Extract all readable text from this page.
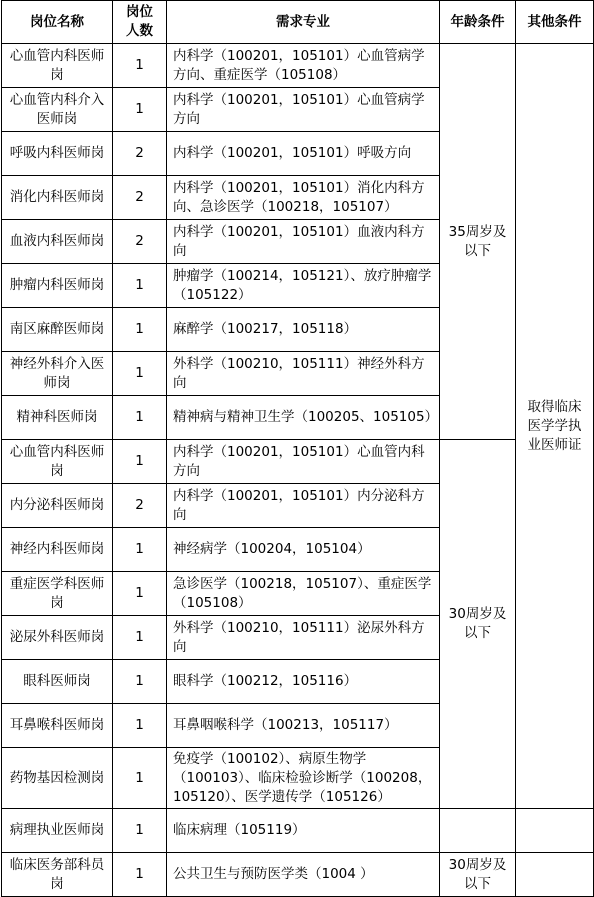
岗位名称	岗位人数	需求专业	年龄条件	其他条件
心血管内科医师岗	1	内科学（100201，105101）心血管病学方向、重症医学（105108）	35周岁及以下	取得临床医学学执业医师证
心血管内科介入医师岗	1	内科学（100201，105101）心血管病学方向		
呼吸内科医师岗	2	内科学（100201，105101）呼吸方向		
消化内科医师岗	2	内科学（100201，105101）消化内科方向、急诊医学（100218，105107）		
血液内科医师岗	2	内科学（100201，105101）血液内科方向		
肿瘤内科医师岗	1	肿瘤学（100214，105121）、放疗肿瘤学（105122）		
南区麻醉医师岗	1	麻醉学（100217，105118）		
神经外科介入医师岗	1	外科学（100210，105111）神经外科方向		
精神科医师岗	1	精神病与精神卫生学（100205、105105）		
心血管内科医师岗	1	内科学（100201，105101）心血管内科方向	30周岁及以下	
内分泌科医师岗	2	内科学（100201，105101）内分泌科方向		
神经内科医师岗	1	神经病学（100204，105104）		
重症医学科医师岗	1	急诊医学（100218，105107）、重症医学（105108）		
泌尿外科医师岗	1	外科学（100210，105111）泌尿外科方向		
眼科医师岗	1	眼科学（100212，105116）		
耳鼻喉科医师岗	1	耳鼻咽喉科学（100213，105117）		
药物基因检测岗	1	免疫学（100102）、病原生物学（100103）、临床检验诊断学（100208，105120）、医学遗传学（105126）		
病理执业医师岗	1	临床病理（105119）		
临床医务部科员岗	1	公共卫生与预防医学类（1004 ）	30周岁及以下	
